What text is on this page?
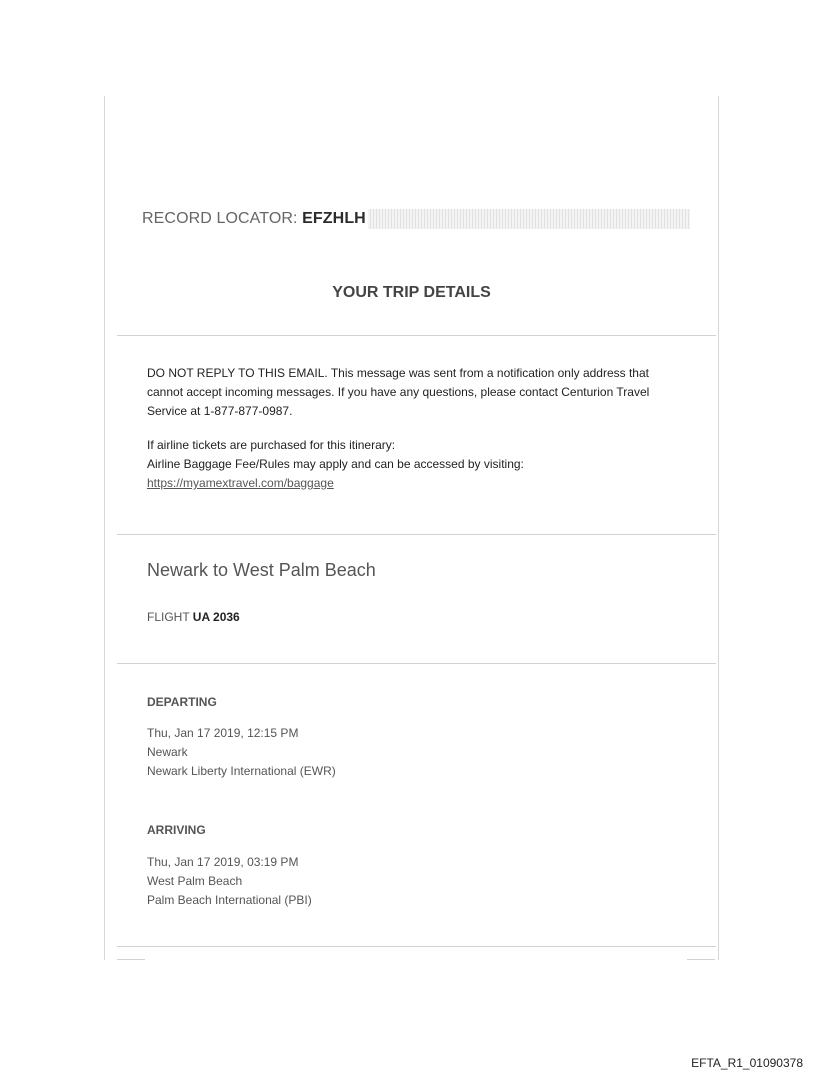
RECORD LOCATOR: EFZHLH
YOUR TRIP DETAILS

DO NOT REPLY TO THIS EMAIL. This message was sent from a notification only address that cannot accept incoming messages. If you have any questions, please contact Centurion Travel Service at 1-877-877-0987.

If airline tickets are purchased for this itinerary:

Airline Baggage Fee/Rules may apply and can be accessed by visiting:

https://myamextravel.com/baggage

Newark to West Palm Beach
FLIGHT UA 2036
DEPARTING
Thu, Jan 17 2019, 12:15 PM
Newark
Newark Liberty International (EWR)
ARRIVING
Thu, Jan 17 2019, 03:19 PM
West Palm Beach
Palm Beach International (PBI)
EFTA_R1_01090378
